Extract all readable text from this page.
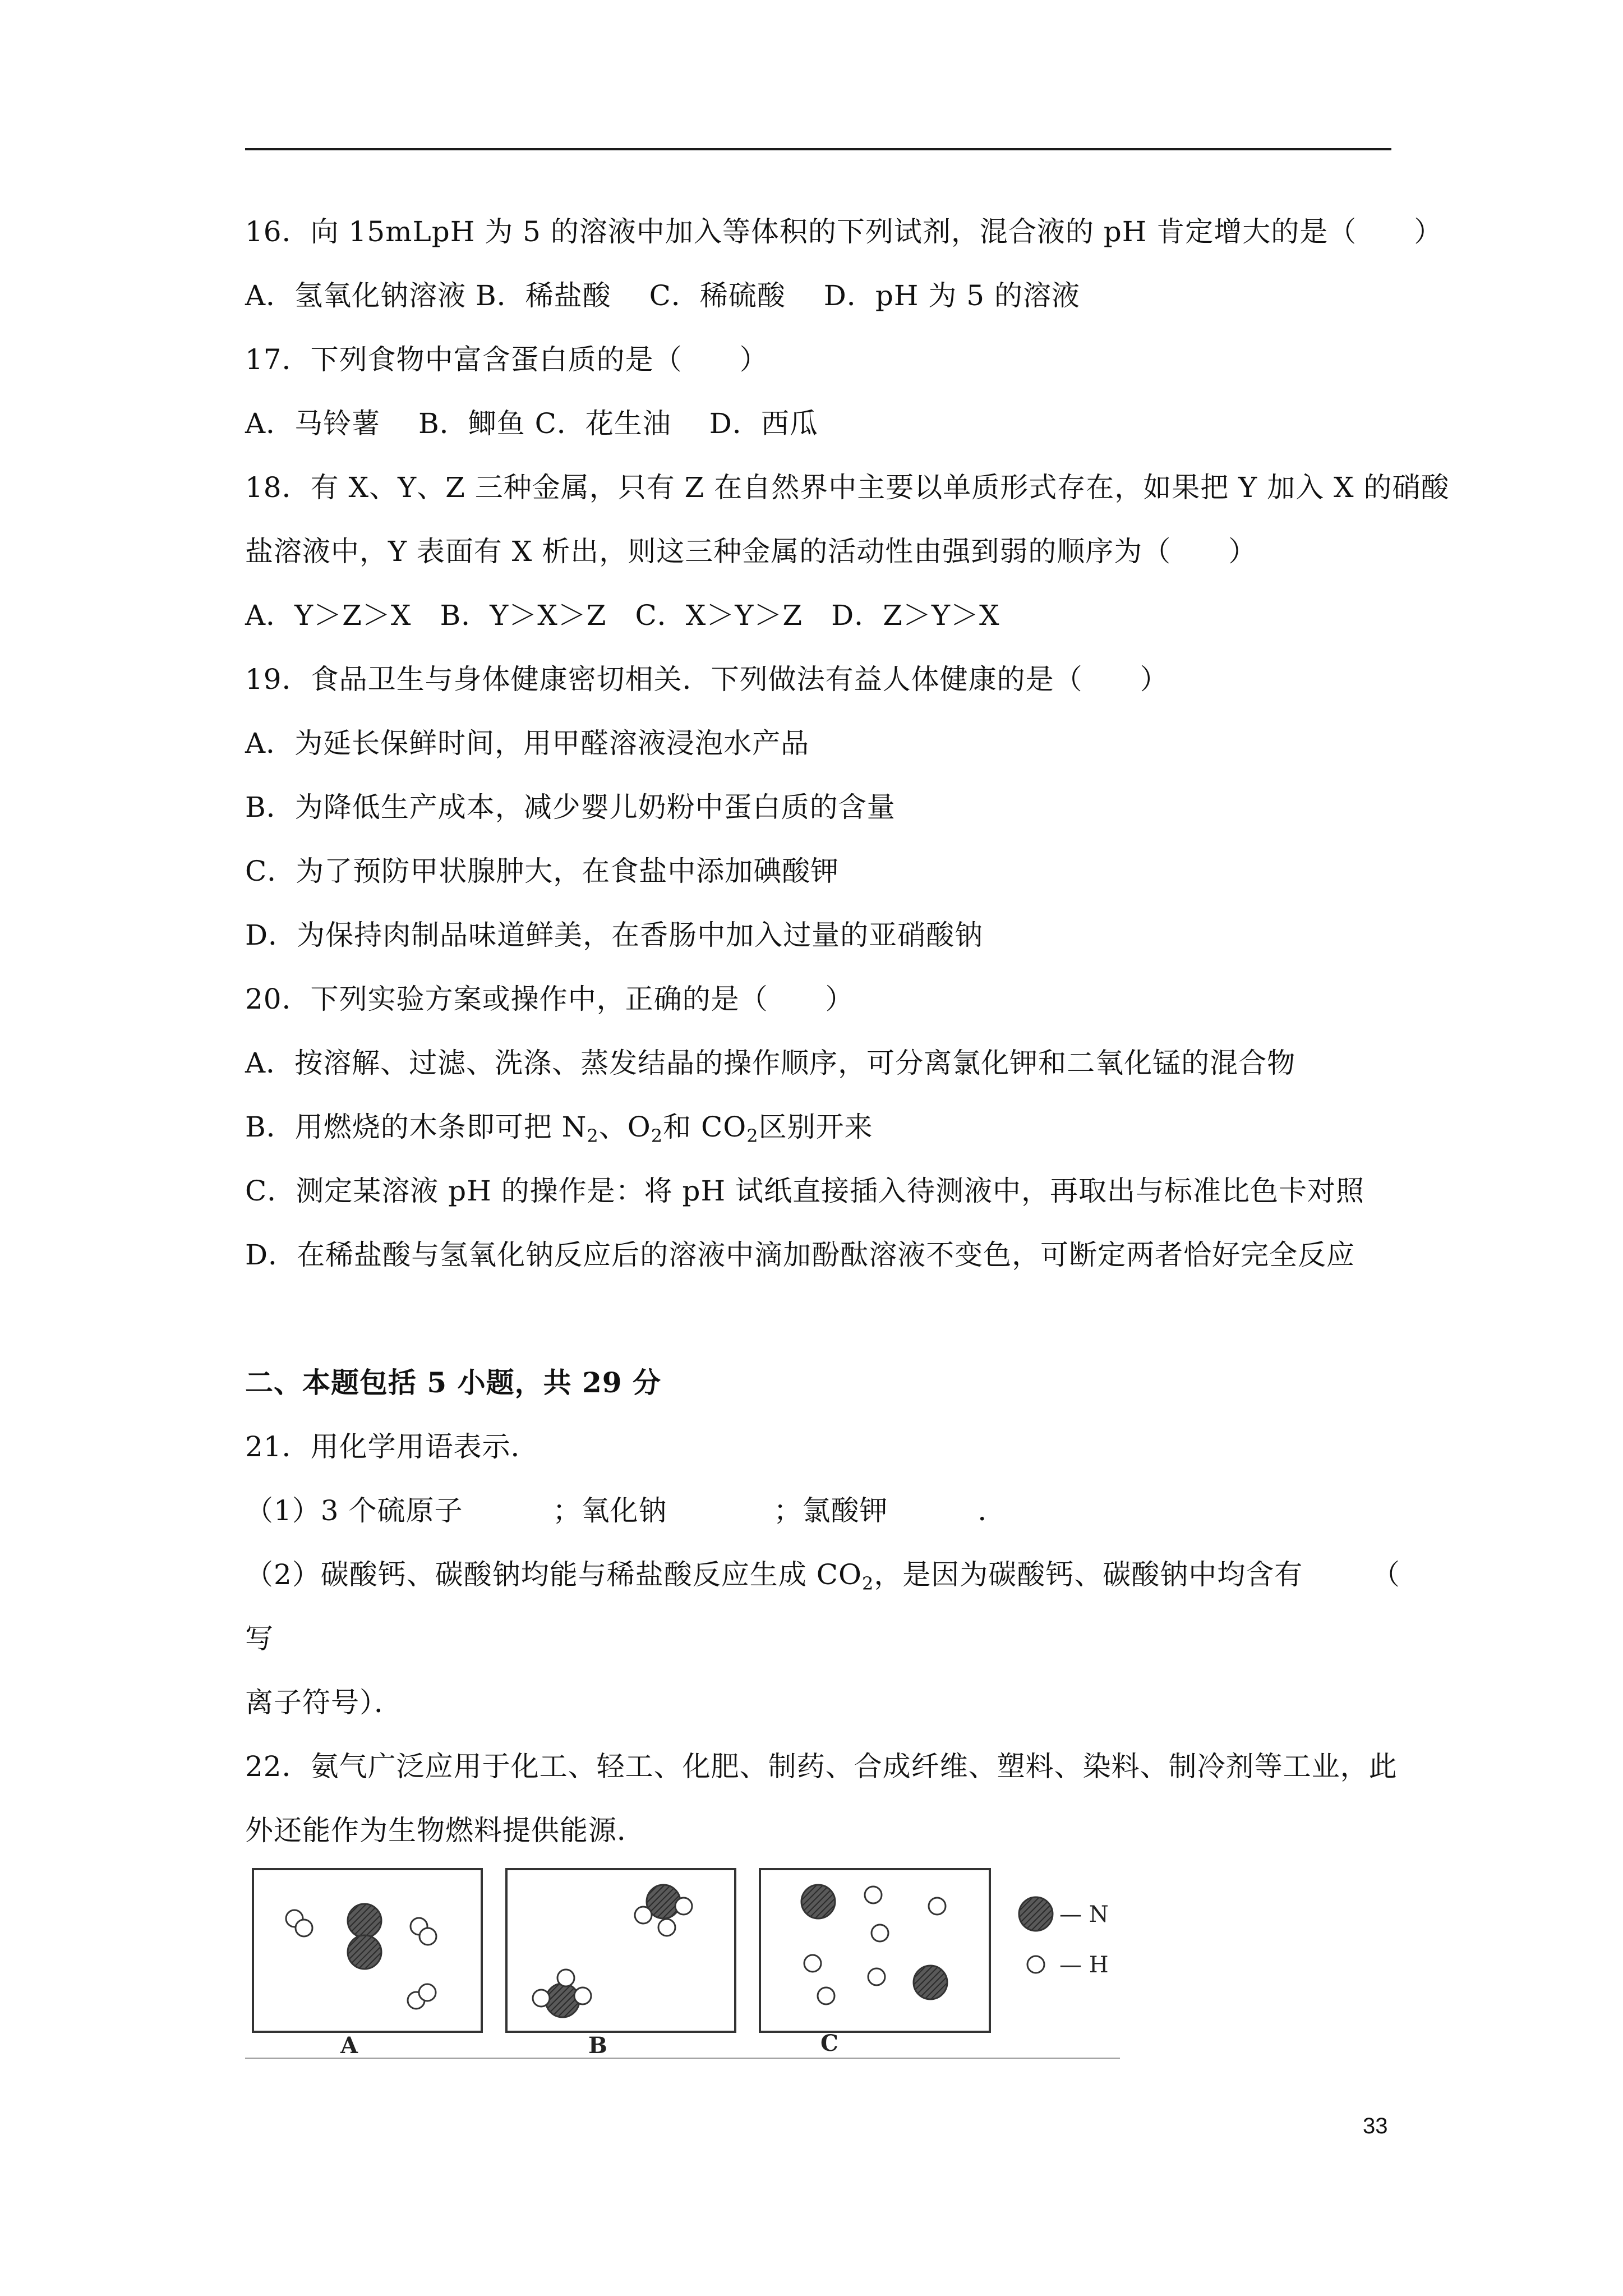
16．向 15mLpH 为 5 的溶液中加入等体积的下列试剂，混合液的 pH 肯定增大的是（　　）
A．氢氧化钠溶液 B．稀盐酸　 C．稀硫酸　 D．pH 为 5 的溶液
17．下列食物中富含蛋白质的是（　　）
A．马铃薯　 B．鲫鱼 C．花生油　 D．西瓜
18．有 X、Y、Z 三种金属，只有 Z 在自然界中主要以单质形式存在，如果把 Y 加入 X 的硝酸
盐溶液中，Y 表面有 X 析出，则这三种金属的活动性由强到弱的顺序为（　　）
A．Y＞Z＞X　B．Y＞X＞Z　C．X＞Y＞Z　D．Z＞Y＞X
19．食品卫生与身体健康密切相关．下列做法有益人体健康的是（　　）
A．为延长保鲜时间，用甲醛溶液浸泡水产品
B．为降低生产成本，减少婴儿奶粉中蛋白质的含量
C．为了预防甲状腺肿大，在食盐中添加碘酸钾
D．为保持肉制品味道鲜美，在香肠中加入过量的亚硝酸钠
20．下列实验方案或操作中，正确的是（　　）
A．按溶解、过滤、洗涤、蒸发结晶的操作顺序，可分离氯化钾和二氧化锰的混合物
B．用燃烧的木条即可把 $N_2$、$O_2$和 $CO_2$区别开来
C．测定某溶液 pH 的操作是：将 pH 试纸直接插入待测液中，再取出与标准比色卡对照
D．在稀盐酸与氢氧化钠反应后的溶液中滴加酚酞溶液不变色，可断定两者恰好完全反应
二、本题包括 5 小题，共 29 分
21．用化学用语表示．
（1）3 个硫原子	；氧化钠	；氯酸钾	．
（2）碳酸钙、碳酸钠均能与稀盐酸反应生成 $CO_2$，是因为碳酸钙、碳酸钠中均含有	（
写
离子符号）．
22．氨气广泛应用于化工、轻工、化肥、制药、合成纤维、塑料、染料、制冷剂等工业，此
外还能作为生物燃料提供能源．
— N
— H
A	B	C
33
